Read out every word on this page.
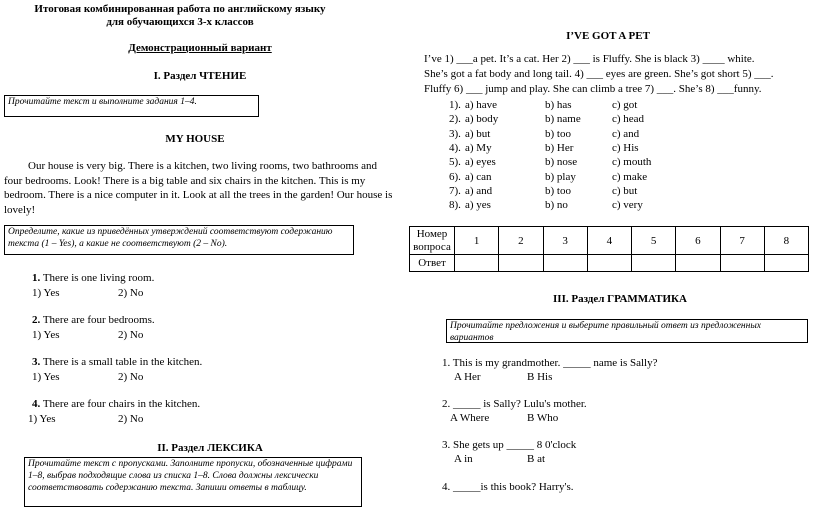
Итоговая комбинированная работа по английскому языку
для обучающихся 3-х классов
Демонстрационный вариант
I. Раздел ЧТЕНИЕ
Прочитайте текст и выполните задания 1–4.
MY HOUSE
Our house is very big. There is a kitchen, two living rooms, two bathrooms and four bedrooms. Look! There is a big table and six chairs in the kitchen. This is my bedroom. There is a nice computer in it. Look at all the trees in the garden! Our house is lovely!
Определите, какие из приведённых утверждений соответствуют содержанию текста (1 – Yes), а какие не соответствуют (2 – No).
1. There is one living room.
1) Yes	2) No
2. There are four bedrooms.
1) Yes	2) No
3. There is a small table in the kitchen.
1) Yes	2) No
4. There are four chairs in the kitchen.
1) Yes	2) No
II. Раздел ЛЕКСИКА
Прочитайте текст с пропусками. Заполните пропуски, обозначенные цифрами 1–8, выбрав подходящие слова из списка 1–8. Слова должны лексически соответствовать содержанию текста. Запиши ответы в таблицу.
I’VE GOT A PET
I’ve 1) ___a pet. It’s a cat. Her 2) ___ is Fluffy. She is black 3) ____ white.
She’s got a fat body and long tail. 4) ___ eyes are green. She’s got short 5) ___.
Fluffy 6) ___ jump and play. She can climb a tree 7) ___. She’s 8) ___funny.
1). a) have	b) has	c) got
2). a) body	b) name	c) head
3). a) but	b) too	c) and
4). a) My	b) Her	c) His
5). a) eyes	b) nose	c) mouth
6). a) can	b) play	c) make
7). a) and	b) too	c) but
8). a) yes	b) no	c) very
Номер вопроса	1	2	3	4	5	6	7	8
Ответ								
III. Раздел ГРАММАТИКА
Прочитайте предложения и выберите правильный ответ из предложенных вариантов
1. This is my grandmother. _____ name is Sally?
A Her	B His
2. _____ is Sally? Lulu's mother.
A Where	B Who
3. She gets up _____ 8 0'clock
A in	B at
4. _____is this book? Harry's.
